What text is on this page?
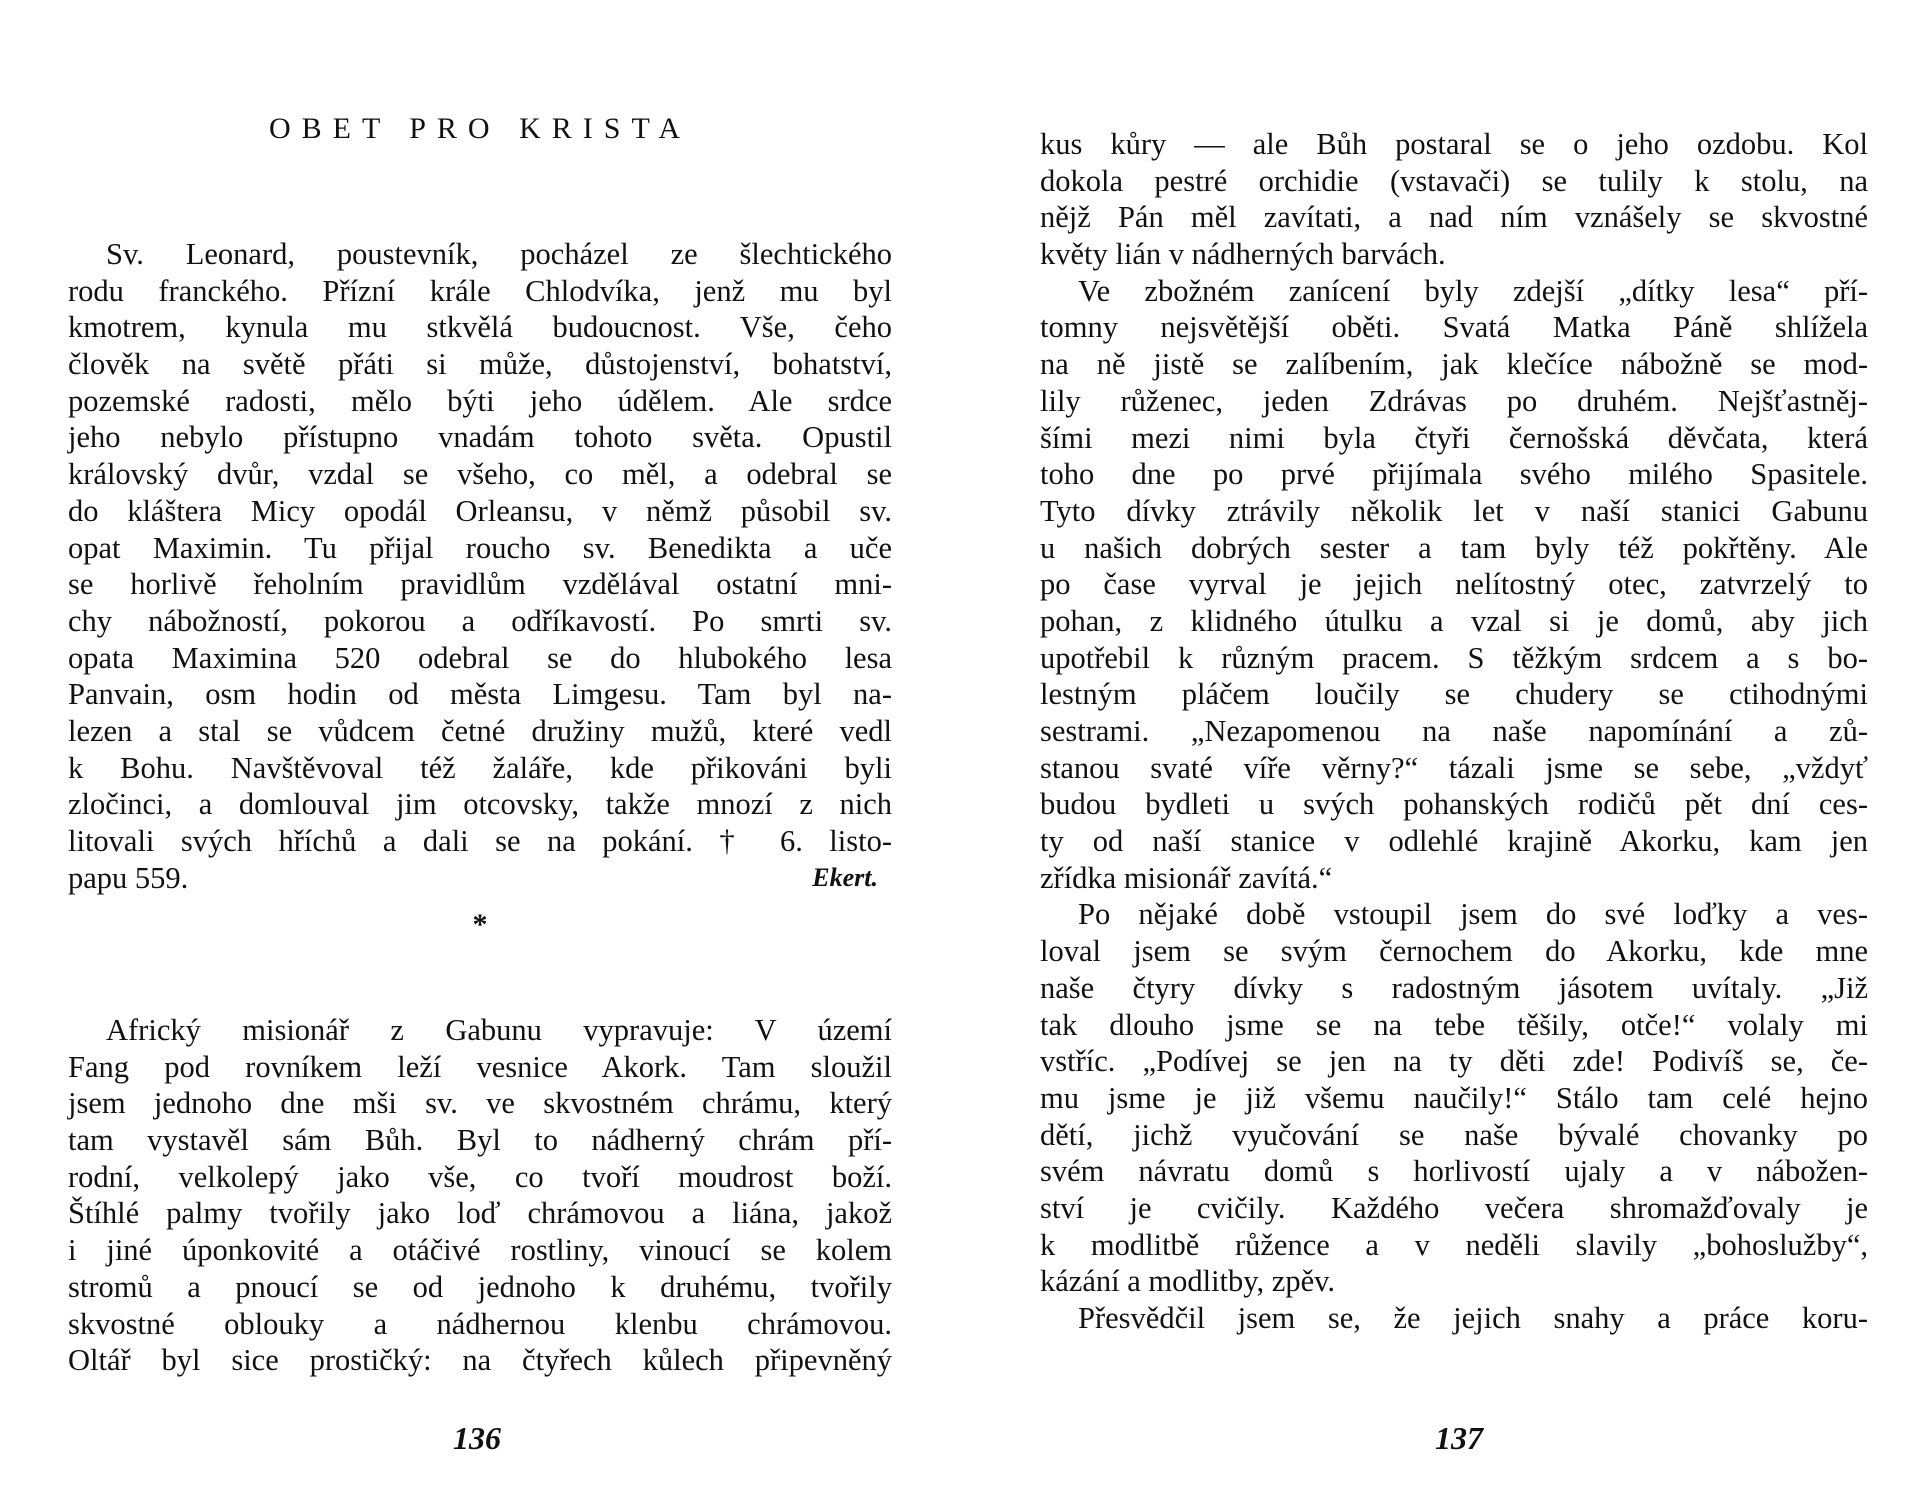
OBET PRO KRISTA
Sv. Leonard, poustevník, pocházel ze šlechtického
rodu franckého. Přízní krále Chlodvíka, jenž mu byl
kmotrem, kynula mu stkvělá budoucnost. Vše, čeho
člověk na světě přáti si může, důstojenství, bohatství,
pozemské radosti, mělo býti jeho údělem. Ale srdce
jeho nebylo přístupno vnadám tohoto světa. Opustil
královský dvůr, vzdal se všeho, co měl, a odebral se
do kláštera Micy opodál Orleansu, v němž působil sv.
opat Maximin. Tu přijal roucho sv. Benedikta a uče
se horlivě řeholním pravidlům vzdělával ostatní mni-
chy nábožností, pokorou a odříkavostí. Po smrti sv.
opata Maximina 520 odebral se do hlubokého lesa
Panvain, osm hodin od města Limgesu. Tam byl na-
lezen a stal se vůdcem četné družiny mužů, které vedl
k Bohu. Navštěvoval též žaláře, kde přikováni byli
zločinci, a domlouval jim otcovsky, takže mnozí z nich
litovali svých hříchů a dali se na pokání. † 6. listo-
papu 559.	Ekert.
*
Africký misionář z Gabunu vypravuje: V území
Fang pod rovníkem leží vesnice Akork. Tam sloužil
jsem jednoho dne mši sv. ve skvostném chrámu, který
tam vystavěl sám Bůh. Byl to nádherný chrám pří-
rodní, velkolepý jako vše, co tvoří moudrost boží.
Štíhlé palmy tvořily jako loď chrámovou a liána, jakož
i jiné úponkovité a otáčivé rostliny, vinoucí se kolem
stromů a pnoucí se od jednoho k druhému, tvořily
skvostné oblouky a nádhernou klenbu chrámovou.
Oltář byl sice prostičký: na čtyřech kůlech připevněný
136
kus kůry — ale Bůh postaral se o jeho ozdobu. Kol
dokola pestré orchidie (vstavači) se tulily k stolu, na
nějž Pán měl zavítati, a nad ním vznášely se skvostné
květy lián v nádherných barvách.
Ve zbožném zanícení byly zdejší „dítky lesa“ pří-
tomny nejsvětější oběti. Svatá Matka Páně shlížela
na ně jistě se zalíbením, jak klečíce nábožně se mod-
lily růženec, jeden Zdrávas po druhém. Nejšťastněj-
šími mezi nimi byla čtyři černošská děvčata, která
toho dne po prvé přijímala svého milého Spasitele.
Tyto dívky ztrávily několik let v naší stanici Gabunu
u našich dobrých sester a tam byly též pokřtěny. Ale
po čase vyrval je jejich nelítostný otec, zatvrzelý to
pohan, z klidného útulku a vzal si je domů, aby jich
upotřebil k různým pracem. S těžkým srdcem a s bo-
lestným pláčem loučily se chudery se ctihodnými
sestrami. „Nezapomenou na naše napomínání a zů-
stanou svaté víře věrny?“ tázali jsme se sebe, „vždyť
budou bydleti u svých pohanských rodičů pět dní ces-
ty od naší stanice v odlehlé krajině Akorku, kam jen
zřídka misionář zavítá.“
Po nějaké době vstoupil jsem do své loďky a ves-
loval jsem se svým černochem do Akorku, kde mne
naše čtyry dívky s radostným jásotem uvítaly. „Již
tak dlouho jsme se na tebe těšily, otče!“ volaly mi
vstříc. „Podívej se jen na ty děti zde! Podivíš se, če-
mu jsme je již všemu naučily!“ Stálo tam celé hejno
dětí, jichž vyučování se naše bývalé chovanky po
svém návratu domů s horlivostí ujaly a v nábožen-
ství je cvičily. Každého večera shromažďovaly je
k modlitbě růžence a v neděli slavily „bohoslužby“,
kázání a modlitby, zpěv.
Přesvědčil jsem se, že jejich snahy a práce koru-
137
